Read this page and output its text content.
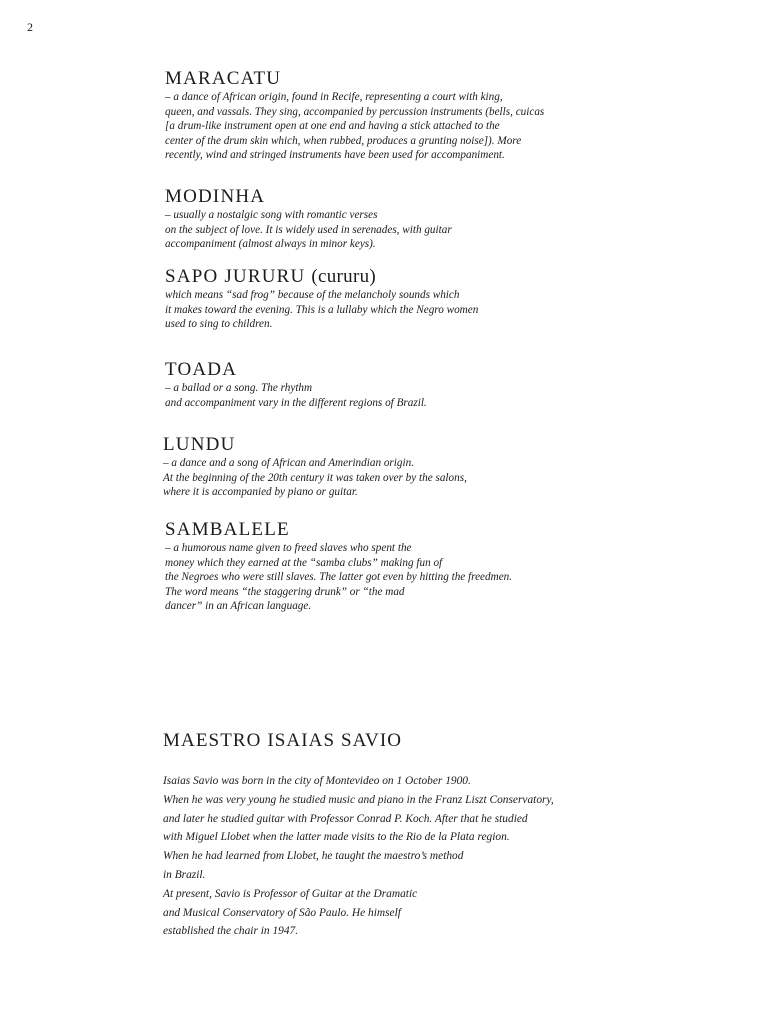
2
MARACATU

– a dance of African origin, found in Recife, representing a court with king,
queen, and vassals. They sing, accompanied by percussion instruments (bells, cuicas
[a drum-like instrument open at one end and having a stick attached to the
center of the drum skin which, when rubbed, produces a grunting noise]). More
recently, wind and stringed instruments have been used for accompaniment.

MODINHA

– usually a nostalgic song with romantic verses
on the subject of love. It is widely used in serenades, with guitar
accompaniment (almost always in minor keys).

SAPO JURURU (cururu)

which means “sad frog” because of the melancholy sounds which
it makes toward the evening. This is a lullaby which the Negro women
used to sing to children.

TOADA

– a ballad or a song. The rhythm
and accompaniment vary in the different regions of Brazil.

LUNDU

– a dance and a song of African and Amerindian origin.
At the beginning of the 20th century it was taken over by the salons,
where it is accompanied by piano or guitar.

SAMBALELE

– a humorous name given to freed slaves who spent the
money which they earned at the “samba clubs” making fun of
the Negroes who were still slaves. The latter got even by hitting the freedmen.
The word means “the staggering drunk” or “the mad
dancer” in an African language.

MAESTRO ISAIAS SAVIO

Isaias Savio was born in the city of Montevideo on 1 October 1900.
When he was very young he studied music and piano in the Franz Liszt Conservatory,
and later he studied guitar with Professor Conrad P. Koch. After that he studied
with Miguel Llobet when the latter made visits to the Rio de la Plata region.
When he had learned from Llobet, he taught the maestro’s method
in Brazil.
At present, Savio is Professor of Guitar at the Dramatic
and Musical Conservatory of São Paulo. He himself
established the chair in 1947.
